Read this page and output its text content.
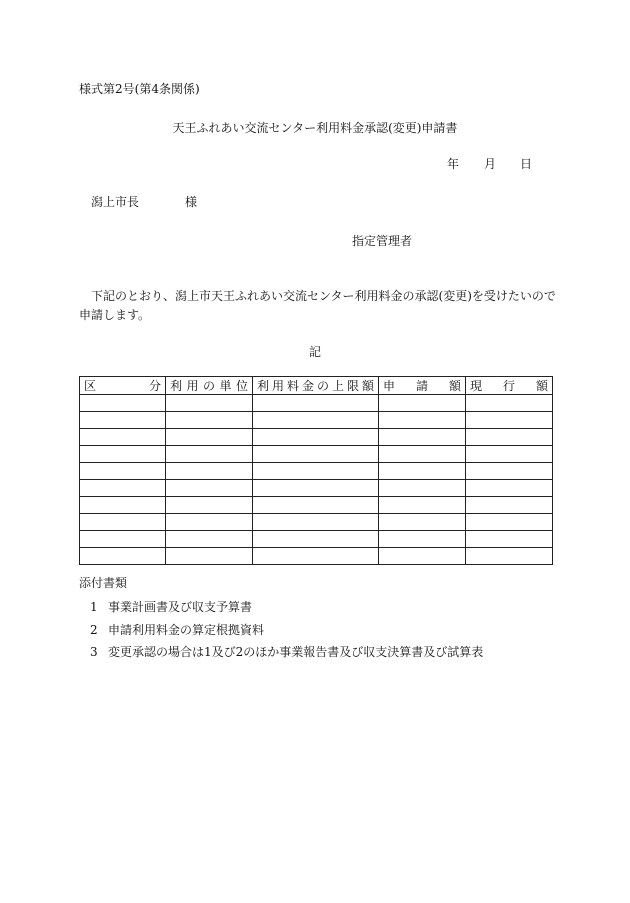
様式第2号(第4条関係)
天王ふれあい交流センター利用料金承認(変更)申請書
年 月 日
潟上市長	様
指定管理者
下記のとおり、潟上市天王ふれあい交流センター利用料金の承認(変更)を受けたいので申請します。
記
区　分	利用の単位	利用料金の上限額	申　請　額	現　行　額

添付書類
1 事業計画書及び収支予算書
2 申請利用料金の算定根拠資料
3 変更承認の場合は1及び2のほか事業報告書及び収支決算書及び試算表
